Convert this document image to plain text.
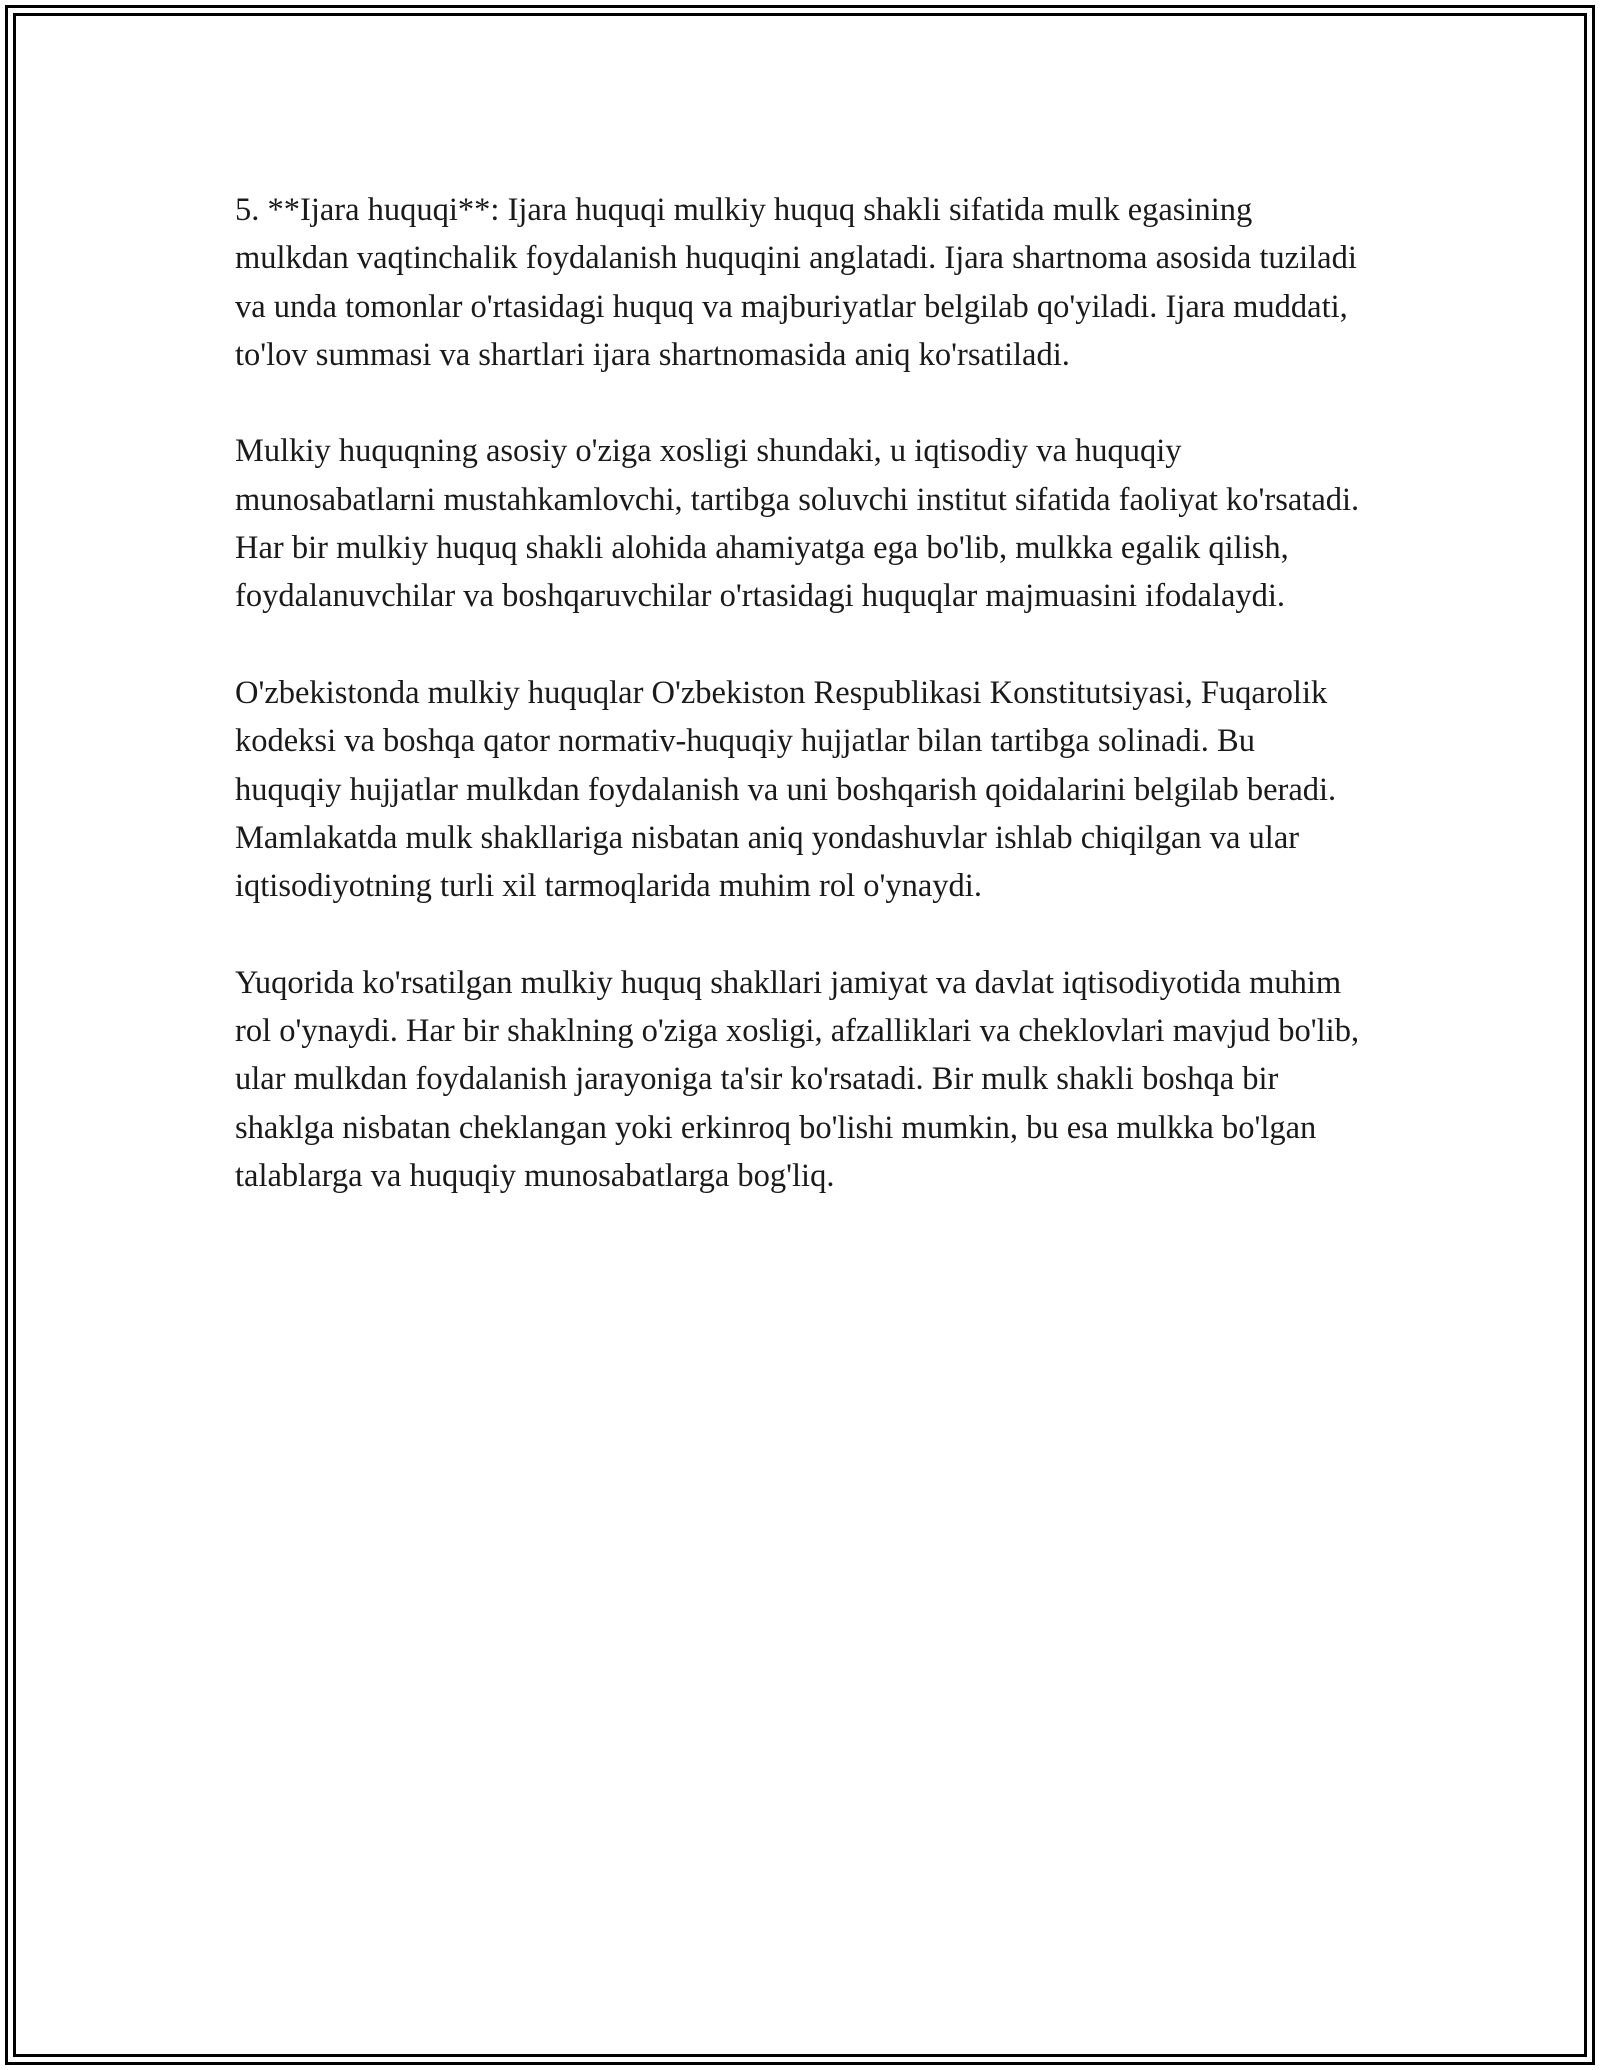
5. **Ijara huquqi**: Ijara huquqi mulkiy huquq shakli sifatida mulk egasining mulkdan vaqtinchalik foydalanish huquqini anglatadi. Ijara shartnoma asosida tuziladi va unda tomonlar o'rtasidagi huquq va majburiyatlar belgilab qo'yiladi. Ijara muddati, to'lov summasi va shartlari ijara shartnomasida aniq ko'rsatiladi.

Mulkiy huquqning asosiy o'ziga xosligi shundaki, u iqtisodiy va huquqiy munosabatlarni mustahkamlovchi, tartibga soluvchi institut sifatida faoliyat ko'rsatadi. Har bir mulkiy huquq shakli alohida ahamiyatga ega bo'lib, mulkka egalik qilish, foydalanuvchilar va boshqaruvchilar o'rtasidagi huquqlar majmuasini ifodalaydi.

O'zbekistonda mulkiy huquqlar O'zbekiston Respublikasi Konstitutsiyasi, Fuqarolik kodeksi va boshqa qator normativ-huquqiy hujjatlar bilan tartibga solinadi. Bu huquqiy hujjatlar mulkdan foydalanish va uni boshqarish qoidalarini belgilab beradi. Mamlakatda mulk shakllariga nisbatan aniq yondashuvlar ishlab chiqilgan va ular iqtisodiyotning turli xil tarmoqlarida muhim rol o'ynaydi.

Yuqorida ko'rsatilgan mulkiy huquq shakllari jamiyat va davlat iqtisodiyotida muhim rol o'ynaydi. Har bir shaklning o'ziga xosligi, afzalliklari va cheklovlari mavjud bo'lib, ular mulkdan foydalanish jarayoniga ta'sir ko'rsatadi. Bir mulk shakli boshqa bir shaklga nisbatan cheklangan yoki erkinroq bo'lishi mumkin, bu esa mulkka bo'lgan talablarga va huquqiy munosabatlarga bog'liq.
